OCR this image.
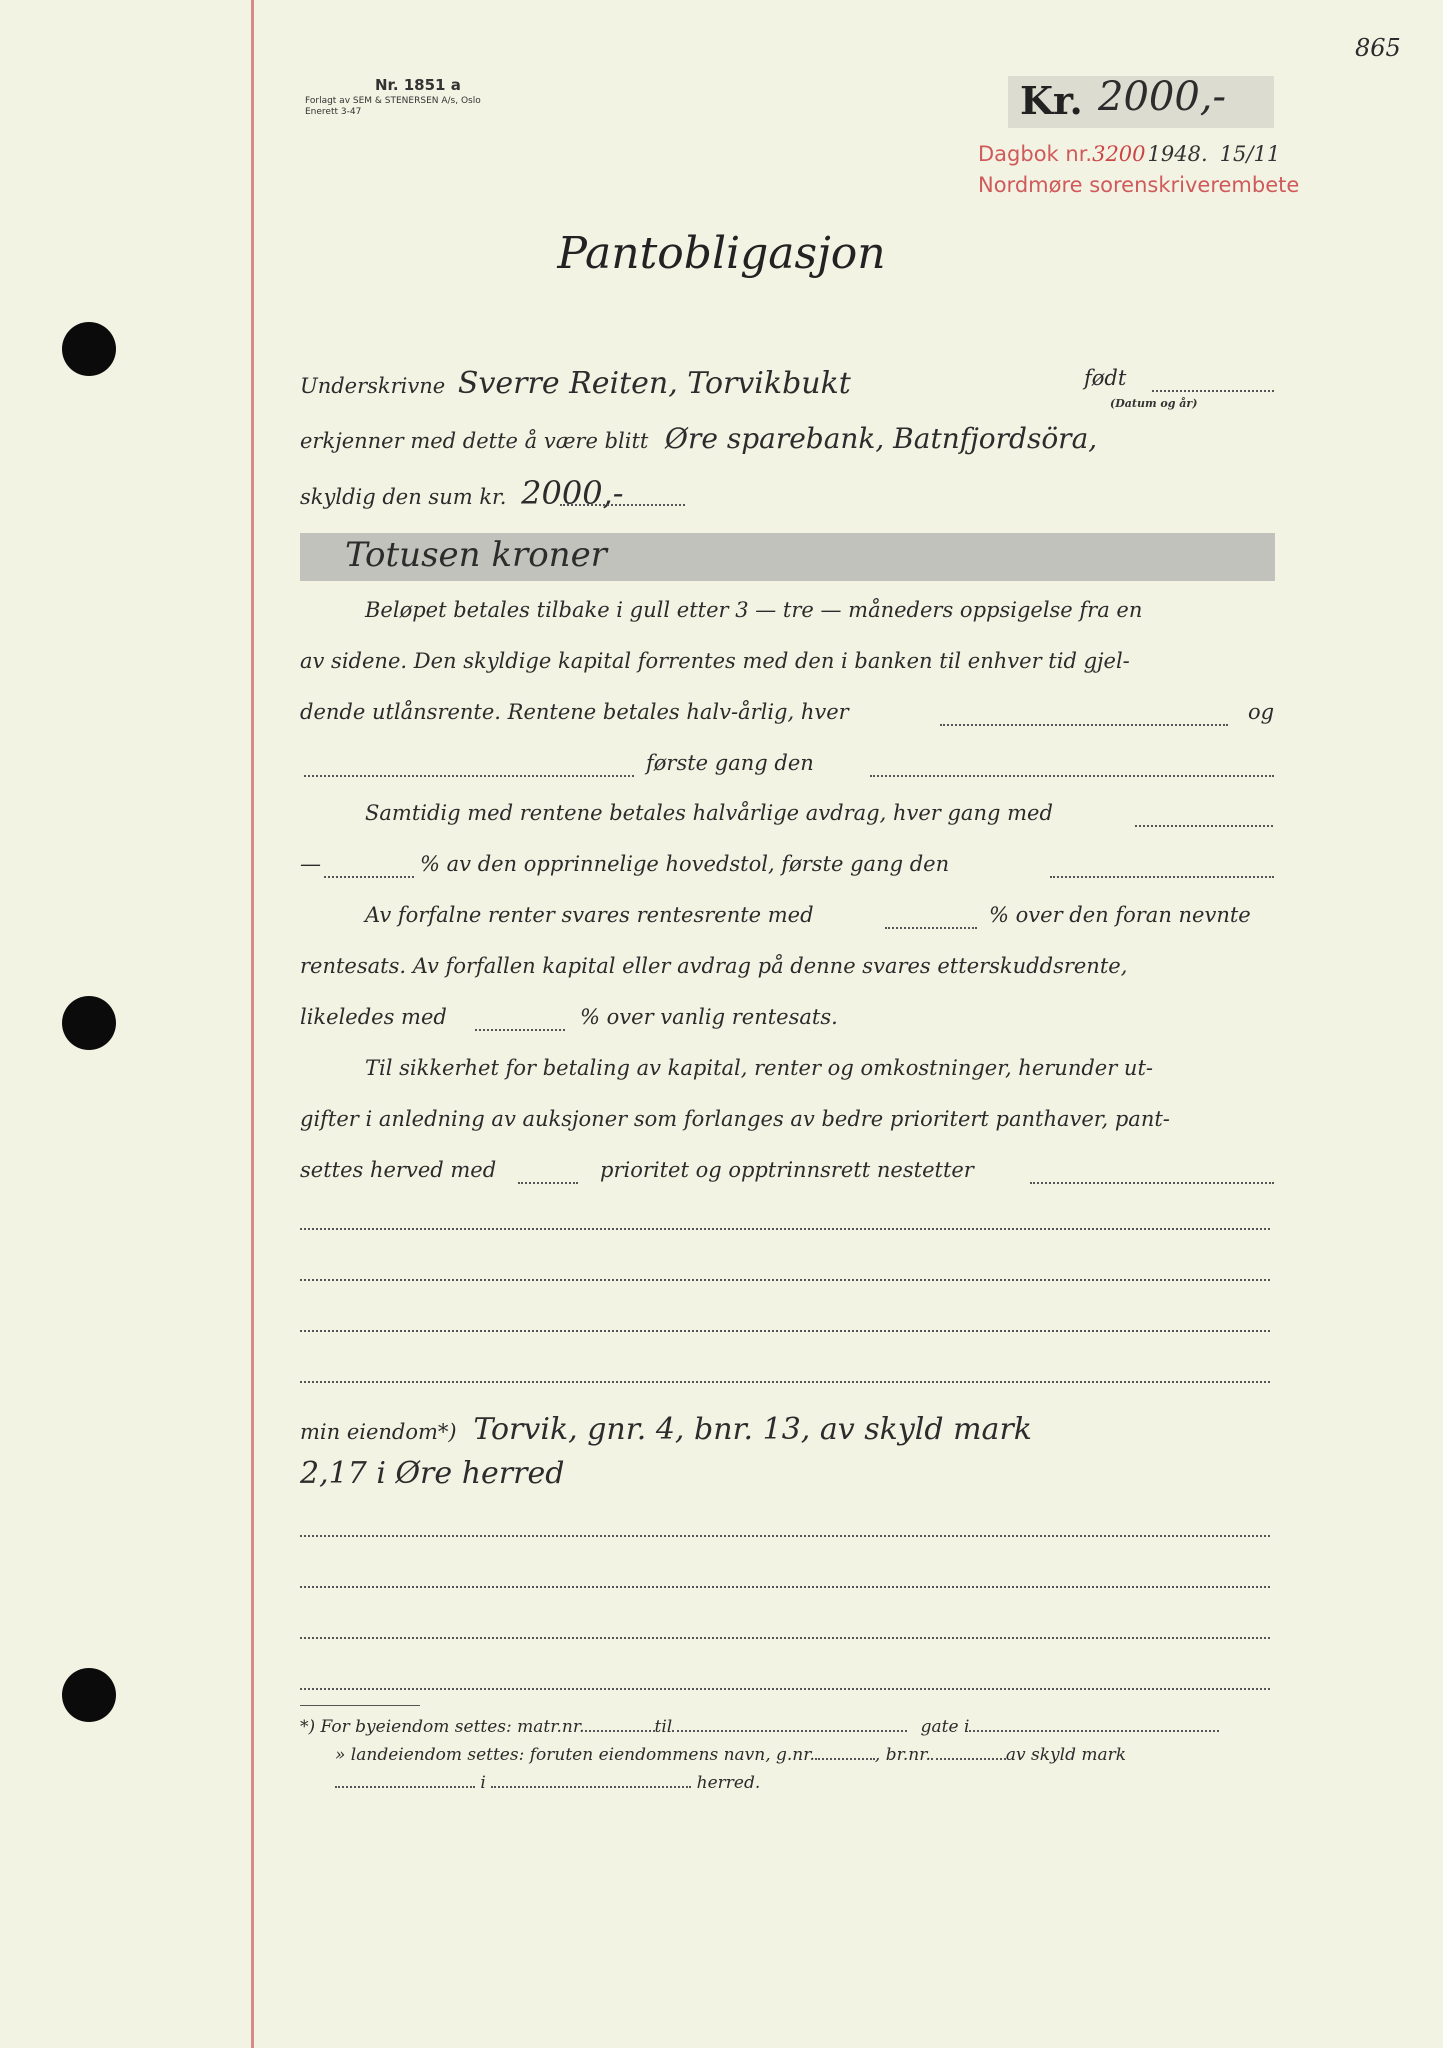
Nr. 1851 a
Forlagt av SEM & STENERSEN A/s, Oslo
Enerett 3-47	Kr. 2000,-
865
Dagbok nr.32001948. 15/11
Nordmøre sorenskriverembete
Pantobligasjon
Underskrivne Sverre Reiten, Torvikbukt	født
(Datum og år)
erkjenner med dette å være blitt Øre sparebank, Batnfjordsöra,
skyldig den sum kr. 2000,-
Totusen kroner
Beløpet betales tilbake i gull etter 3 — tre — måneders oppsigelse fra en
av sidene. Den skyldige kapital forrentes med den i banken til enhver tid gjel-
dende utlånsrente. Rentene betales halv-årlig, hver	og
første gang den
Samtidig med rentene betales halvårlige avdrag, hver gang med
—	% av den opprinnelige hovedstol, første gang den
Av forfalne renter svares rentesrente med	% over den foran nevnte
rentesats. Av forfallen kapital eller avdrag på denne svares etterskuddsrente,
likeledes med	% over vanlig rentesats.
Til sikkerhet for betaling av kapital, renter og omkostninger, herunder ut-
gifter i anledning av auksjoner som forlanges av bedre prioritert panthaver, pant-
settes herved med	prioritet og opptrinnsrett nestetter
min eiendom*) Torvik, gnr. 4, bnr. 13, av skyld mark
2,17 i Øre herred
*) For byeiendom settes: matr.nr.	til	gate i
» landeiendom settes: foruten eiendommens navn, g.nr.	, br.nr.	av skyld mark
i	herred.
